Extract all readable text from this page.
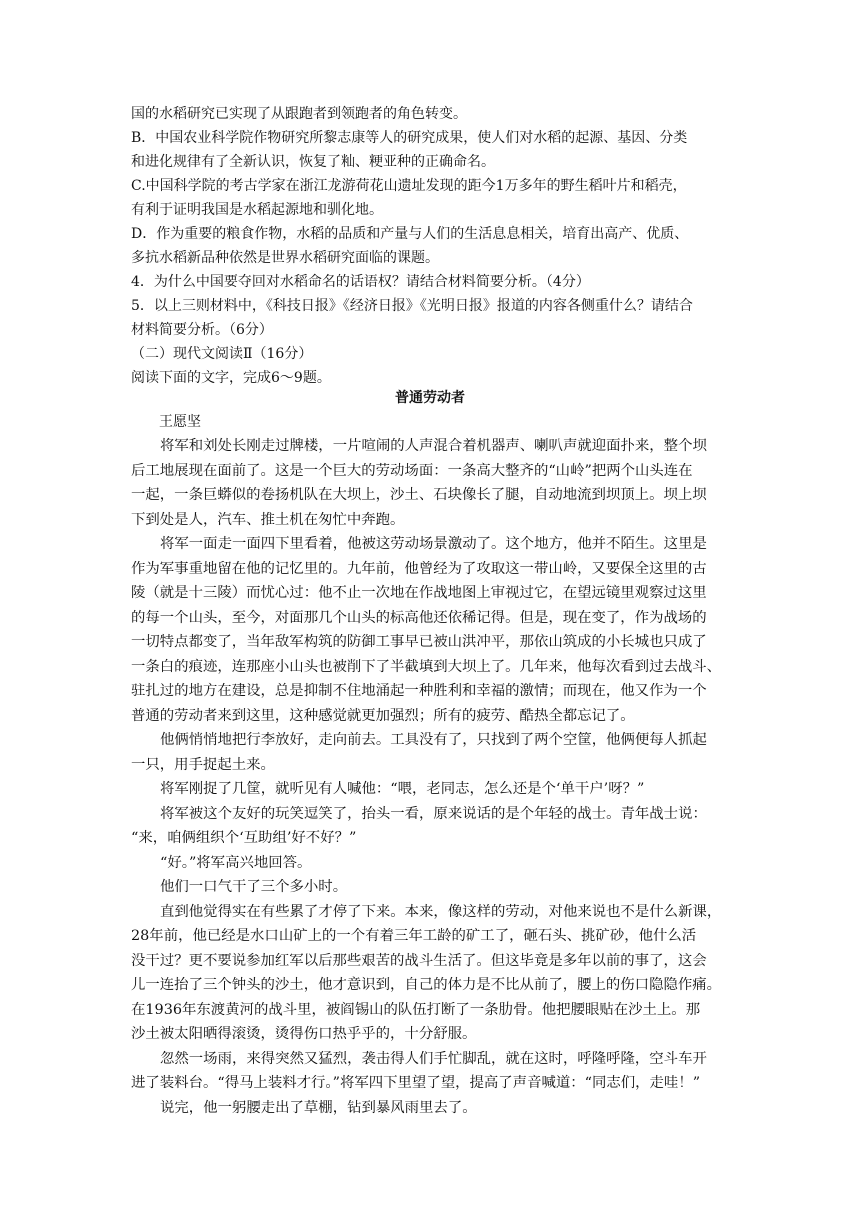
国的水稻研究已实现了从跟跑者到领跑者的角色转变。
B．中国农业科学院作物研究所黎志康等人的研究成果，使人们对水稻的起源、基因、分类
和进化规律有了全新认识，恢复了籼、粳亚种的正确命名。
C.中国科学院的考古学家在浙江龙游荷花山遗址发现的距今1万多年的野生稻叶片和稻壳，
有利于证明我国是水稻起源地和驯化地。
D．作为重要的粮食作物，水稻的品质和产量与人们的生活息息相关，培育出高产、优质、
多抗水稻新品种依然是世界水稻研究面临的课题。
4．为什么中国要夺回对水稻命名的话语权？请结合材料简要分析。（4分）
5．以上三则材料中，《科技日报》《经济日报》《光明日报》报道的内容各侧重什么？请结合
材料简要分析。（6分）
（二）现代文阅读Ⅱ（16分）
阅读下面的文字，完成6～9题。
普通劳动者
王愿坚
将军和刘处长刚走过牌楼，一片喧闹的人声混合着机器声、喇叭声就迎面扑来，整个坝
后工地展现在面前了。这是一个巨大的劳动场面：一条高大整齐的“山岭”把两个山头连在
一起，一条巨蟒似的卷扬机队在大坝上，沙土、石块像长了腿，自动地流到坝顶上。坝上坝
下到处是人，汽车、推土机在匆忙中奔跑。
将军一面走一面四下里看着，他被这劳动场景激动了。这个地方，他并不陌生。这里是
作为军事重地留在他的记忆里的。九年前，他曾经为了攻取这一带山岭，又要保全这里的古
陵（就是十三陵）而忧心过：他不止一次地在作战地图上审视过它，在望远镜里观察过这里
的每一个山头，至今，对面那几个山头的标高他还依稀记得。但是，现在变了，作为战场的
一切特点都变了，当年敌军构筑的防御工事早已被山洪冲平，那依山筑成的小长城也只成了
一条白的痕迹，连那座小山头也被削下了半截填到大坝上了。几年来，他每次看到过去战斗、
驻扎过的地方在建设，总是抑制不住地涌起一种胜利和幸福的激情；而现在，他又作为一个
普通的劳动者来到这里，这种感觉就更加强烈；所有的疲劳、酷热全都忘记了。
他俩悄悄地把行李放好，走向前去。工具没有了，只找到了两个空筐，他俩便每人抓起
一只，用手捉起土来。
将军刚捉了几筐，就听见有人喊他：“喂，老同志，怎么还是个‘单干户’呀？”
将军被这个友好的玩笑逗笑了，抬头一看，原来说话的是个年轻的战士。青年战士说：
“来，咱俩组织个‘互助组’好不好？”
“好。”将军高兴地回答。
他们一口气干了三个多小时。
直到他觉得实在有些累了才停了下来。本来，像这样的劳动，对他来说也不是什么新课，
28年前，他已经是水口山矿上的一个有着三年工龄的矿工了，砸石头、挑矿砂，他什么活
没干过？更不要说参加红军以后那些艰苦的战斗生活了。但这毕竟是多年以前的事了，这会
儿一连抬了三个钟头的沙土，他才意识到，自己的体力是不比从前了，腰上的伤口隐隐作痛。
在1936年东渡黄河的战斗里，被阎锡山的队伍打断了一条肋骨。他把腰眼贴在沙土上。那
沙土被太阳晒得滚烫，烫得伤口热乎乎的，十分舒服。
忽然一场雨，来得突然又猛烈，袭击得人们手忙脚乱，就在这时，呼隆呼隆，空斗车开
进了装料台。“得马上装料才行。”将军四下里望了望，提高了声音喊道：“同志们，走哇！”
说完，他一躬腰走出了草棚，钻到暴风雨里去了。
